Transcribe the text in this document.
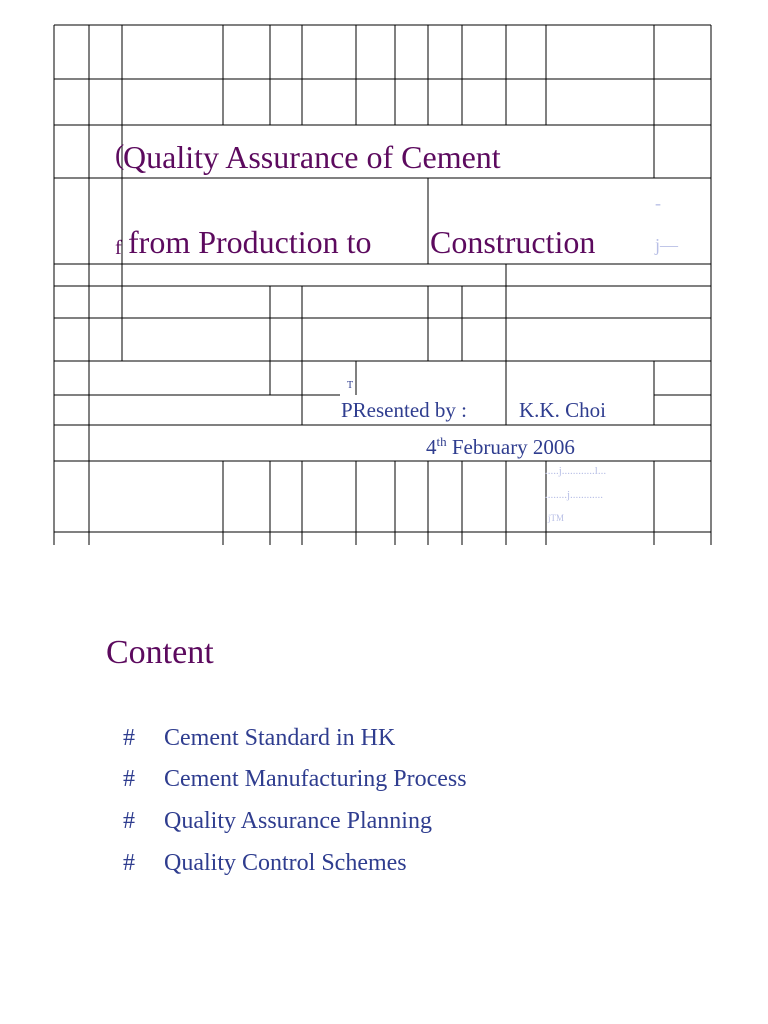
(
Quality Assurance of Cement
f from Production to Construction
-
j—
T
PResented by : K.K. Choi
4th February 2006
.....j............l...
........j............
jTM
Content
# Cement Standard in HK
# Cement Manufacturing Process
# Quality Assurance Planning
# Quality Control Schemes
